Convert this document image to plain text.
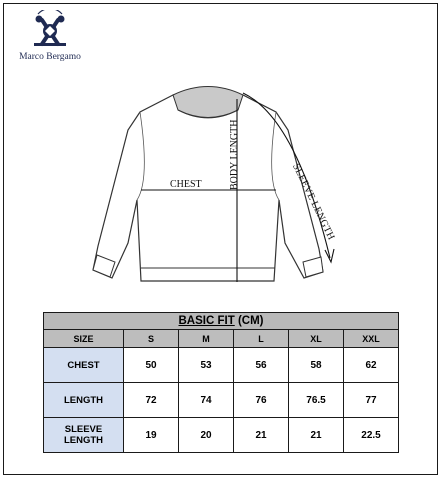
Marco Bergamo
CHEST	BODY LENGTH
SLEEVE LENGTH
BASIC FIT (CM)					
SIZE	S	M	L	XL	XXL
CHEST	50	53	56	58	62
LENGTH	72	74	76	76.5	77
SLEEVE LENGTH	19	20	21	21	22.5
